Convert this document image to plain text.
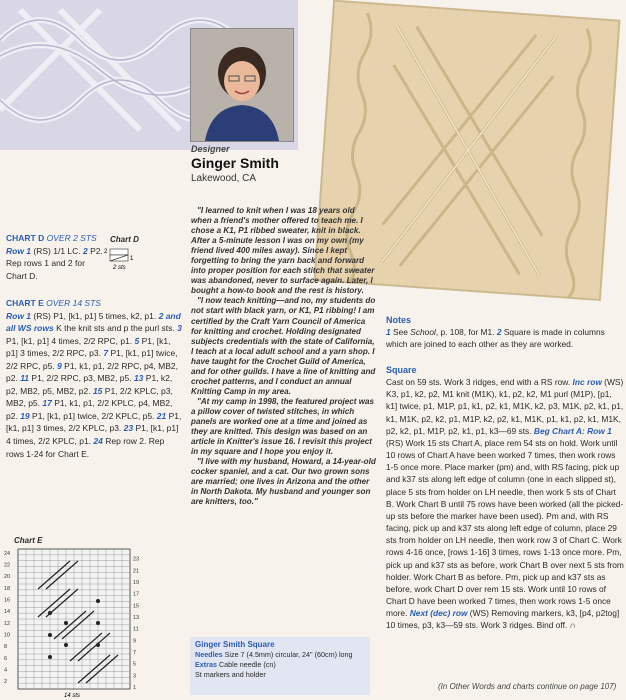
Designer
Ginger Smith
Lakewood, CA

"I learned to knit when I was 18 years old when a friend's mother offered to teach me. I chose a K1, P1 ribbed sweater, knit in black. After a 5-minute lesson I was on my own (my friend lived 400 miles away). Since I kept forgetting to bring the yarn back and forward into proper position for each stitch that sweater was abandoned, never to surface again. Later, I bought a how-to book and the rest is history.

"I now teach knitting—and no, my students do not start with black yarn, or K1, P1 ribbing! I am certified by the Craft Yarn Council of America for knitting and crochet. Holding designated subjects credentials with the state of California, I teach at a local adult school and a yarn shop. I have taught for the Crochet Guild of America, and for other guilds. I have a line of knitting and crochet patterns, and I conduct an annual Knitting Camp in my area.

"At my camp in 1998, the featured project was a pillow cover of twisted stitches, in which panels are worked one at a time and joined as they are knitted. This design was based on an article in Knitter's issue 16. I revisit this project in my square and I hope you enjoy it.

"I live with my husband, Howard, a 14-year-old cocker spaniel, and a cat. Our two grown sons are married; one lives in Arizona and the other in North Dakota. My husband and younger son are knitters, too."

CHART D OVER 2 STS
Row 1 (RS) 1/1 LC. 2 P2. Rep rows 1 and 2 for Chart D.
Chart D
2
1
2 sts
CHART E OVER 14 STS
Row 1 (RS) P1, [k1, p1] 5 times, k2, p1. 2 and all WS rows K the knit sts and p the purl sts. 3 P1, [k1, p1] 4 times, 2/2 RPC, p1. 5 P1, [k1, p1] 3 times, 2/2 RPC, p3. 7 P1, [k1, p1] twice, 2/2 RPC, p5. 9 P1, k1, p1, 2/2 RPC, p4, MB2, p2. 11 P1, 2/2 RPC, p3, MB2, p5. 13 P1, k2, p2, MB2, p5, MB2, p2. 15 P1, 2/2 KPLC, p3, MB2, p5. 17 P1, k1, p1, 2/2 KPLC, p4, MB2, p2. 19 P1, [k1, p1] twice, 2/2 KPLC, p5. 21 P1, [k1, p1] 3 times, 2/2 KPLC, p3. 23 P1, [k1, p1] 4 times, 2/2 KPLC, p1. 24 Rep row 2. Rep rows 1-24 for Chart E.
Chart E
24
22
20
18
16
14
12
10
8
6
4
2
23
21
19
17
15
13
11
9
7
5
3
1
14 sts
Notes
1 See School, p. 108, for M1. 2 Square is made in columns which are joined to each other as they are worked.
Square
Cast on 59 sts. Work 3 ridges, end with a RS row. Inc row (WS) K3, p1, k2, p2, M1 knit (M1K), k1, p2, k2, M1 purl (M1P), [p1, k1] twice, p1, M1P, p1, k1, p2, k1, M1K, k2, p3, M1K, p2, k1, p1, k1, M1K, p2, k2, p1, M1P, k2, p2, k1, M1K, p1, k1, p2, k1, M1K, p2, k2, p1, M1P, p2, k1, p1, k3—69 sts. Beg Chart A: Row 1 (RS) Work 15 sts Chart A, place rem 54 sts on hold. Work until 10 rows of Chart A have been worked 7 times, then work rows 1-5 once more. Place marker (pm) and, with RS facing, pick up and k37 sts along left edge of column (one in each slipped st), place 5 sts from holder on LH needle, then work 5 sts of Chart B. Work Chart B until 75 rows have been worked (all the picked-up sts before the marker have been used). Pm and, with RS facing, pick up and k37 sts along left edge of column, place 29 sts from holder on LH needle, then work row 3 of Chart C. Work rows 4-16 once, [rows 1-16] 3 times, rows 1-13 once more. Pm, pick up and k37 sts as before, work Chart B over next 5 sts from holder. Work Chart B as before. Pm, pick up and k37 sts as before, work Chart D over rem 15 sts. Work until 10 rows of Chart D have been worked 7 times, then work rows 1-5 once more. Next (dec) row (WS) Removing markers, k3, [p4, p2tog] 10 times, p3, k3—59 sts. Work 3 ridges. Bind off. ∩
Ginger Smith Square
Needles Size 7 (4.5mm) circular, 24" (60cm) long
Extras Cable needle (cn)
St markers and holder
(In Other Words and charts continue on page 107)
